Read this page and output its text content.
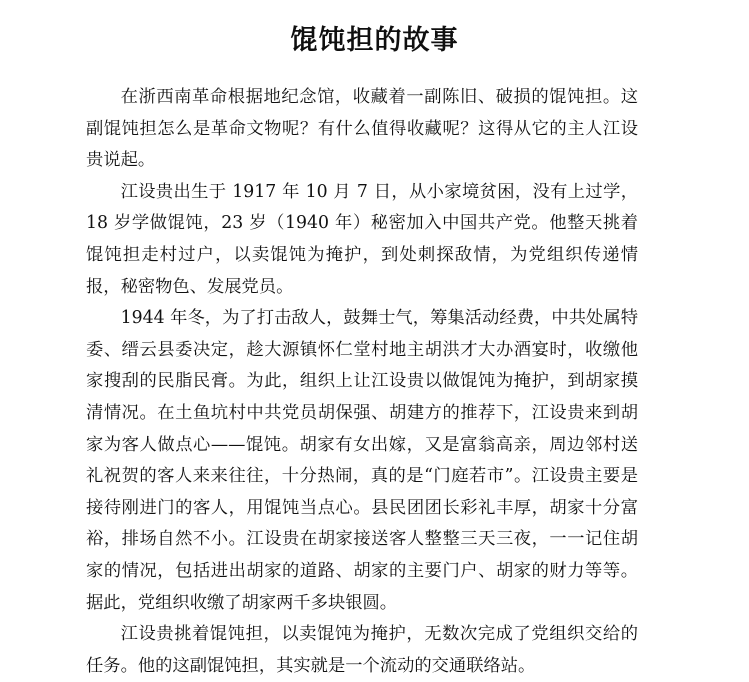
馄饨担的故事

在浙西南革命根据地纪念馆，收藏着一副陈旧、破损的馄饨担。这副馄饨担怎么是革命文物呢？有什么值得收藏呢？这得从它的主人江设贵说起。

江设贵出生于 1917 年 10 月 7 日，从小家境贫困，没有上过学，18 岁学做馄饨，23 岁（1940 年）秘密加入中国共产党。他整天挑着馄饨担走村过户，以卖馄饨为掩护，到处刺探敌情，为党组织传递情报，秘密物色、发展党员。

1944 年冬，为了打击敌人，鼓舞士气，筹集活动经费，中共处属特委、缙云县委决定，趁大源镇怀仁堂村地主胡洪才大办酒宴时，收缴他家搜刮的民脂民膏。为此，组织上让江设贵以做馄饨为掩护，到胡家摸清情况。在土鱼坑村中共党员胡保强、胡建方的推荐下，江设贵来到胡家为客人做点心——馄饨。胡家有女出嫁，又是富翁高亲，周边邻村送礼祝贺的客人来来往往，十分热闹，真的是“门庭若市”。江设贵主要是接待刚进门的客人，用馄饨当点心。县民团团长彩礼丰厚，胡家十分富裕，排场自然不小。江设贵在胡家接送客人整整三天三夜，一一记住胡家的情况，包括进出胡家的道路、胡家的主要门户、胡家的财力等等。据此，党组织收缴了胡家两千多块银圆。

江设贵挑着馄饨担，以卖馄饨为掩护，无数次完成了党组织交给的任务。他的这副馄饨担，其实就是一个流动的交通联络站。
